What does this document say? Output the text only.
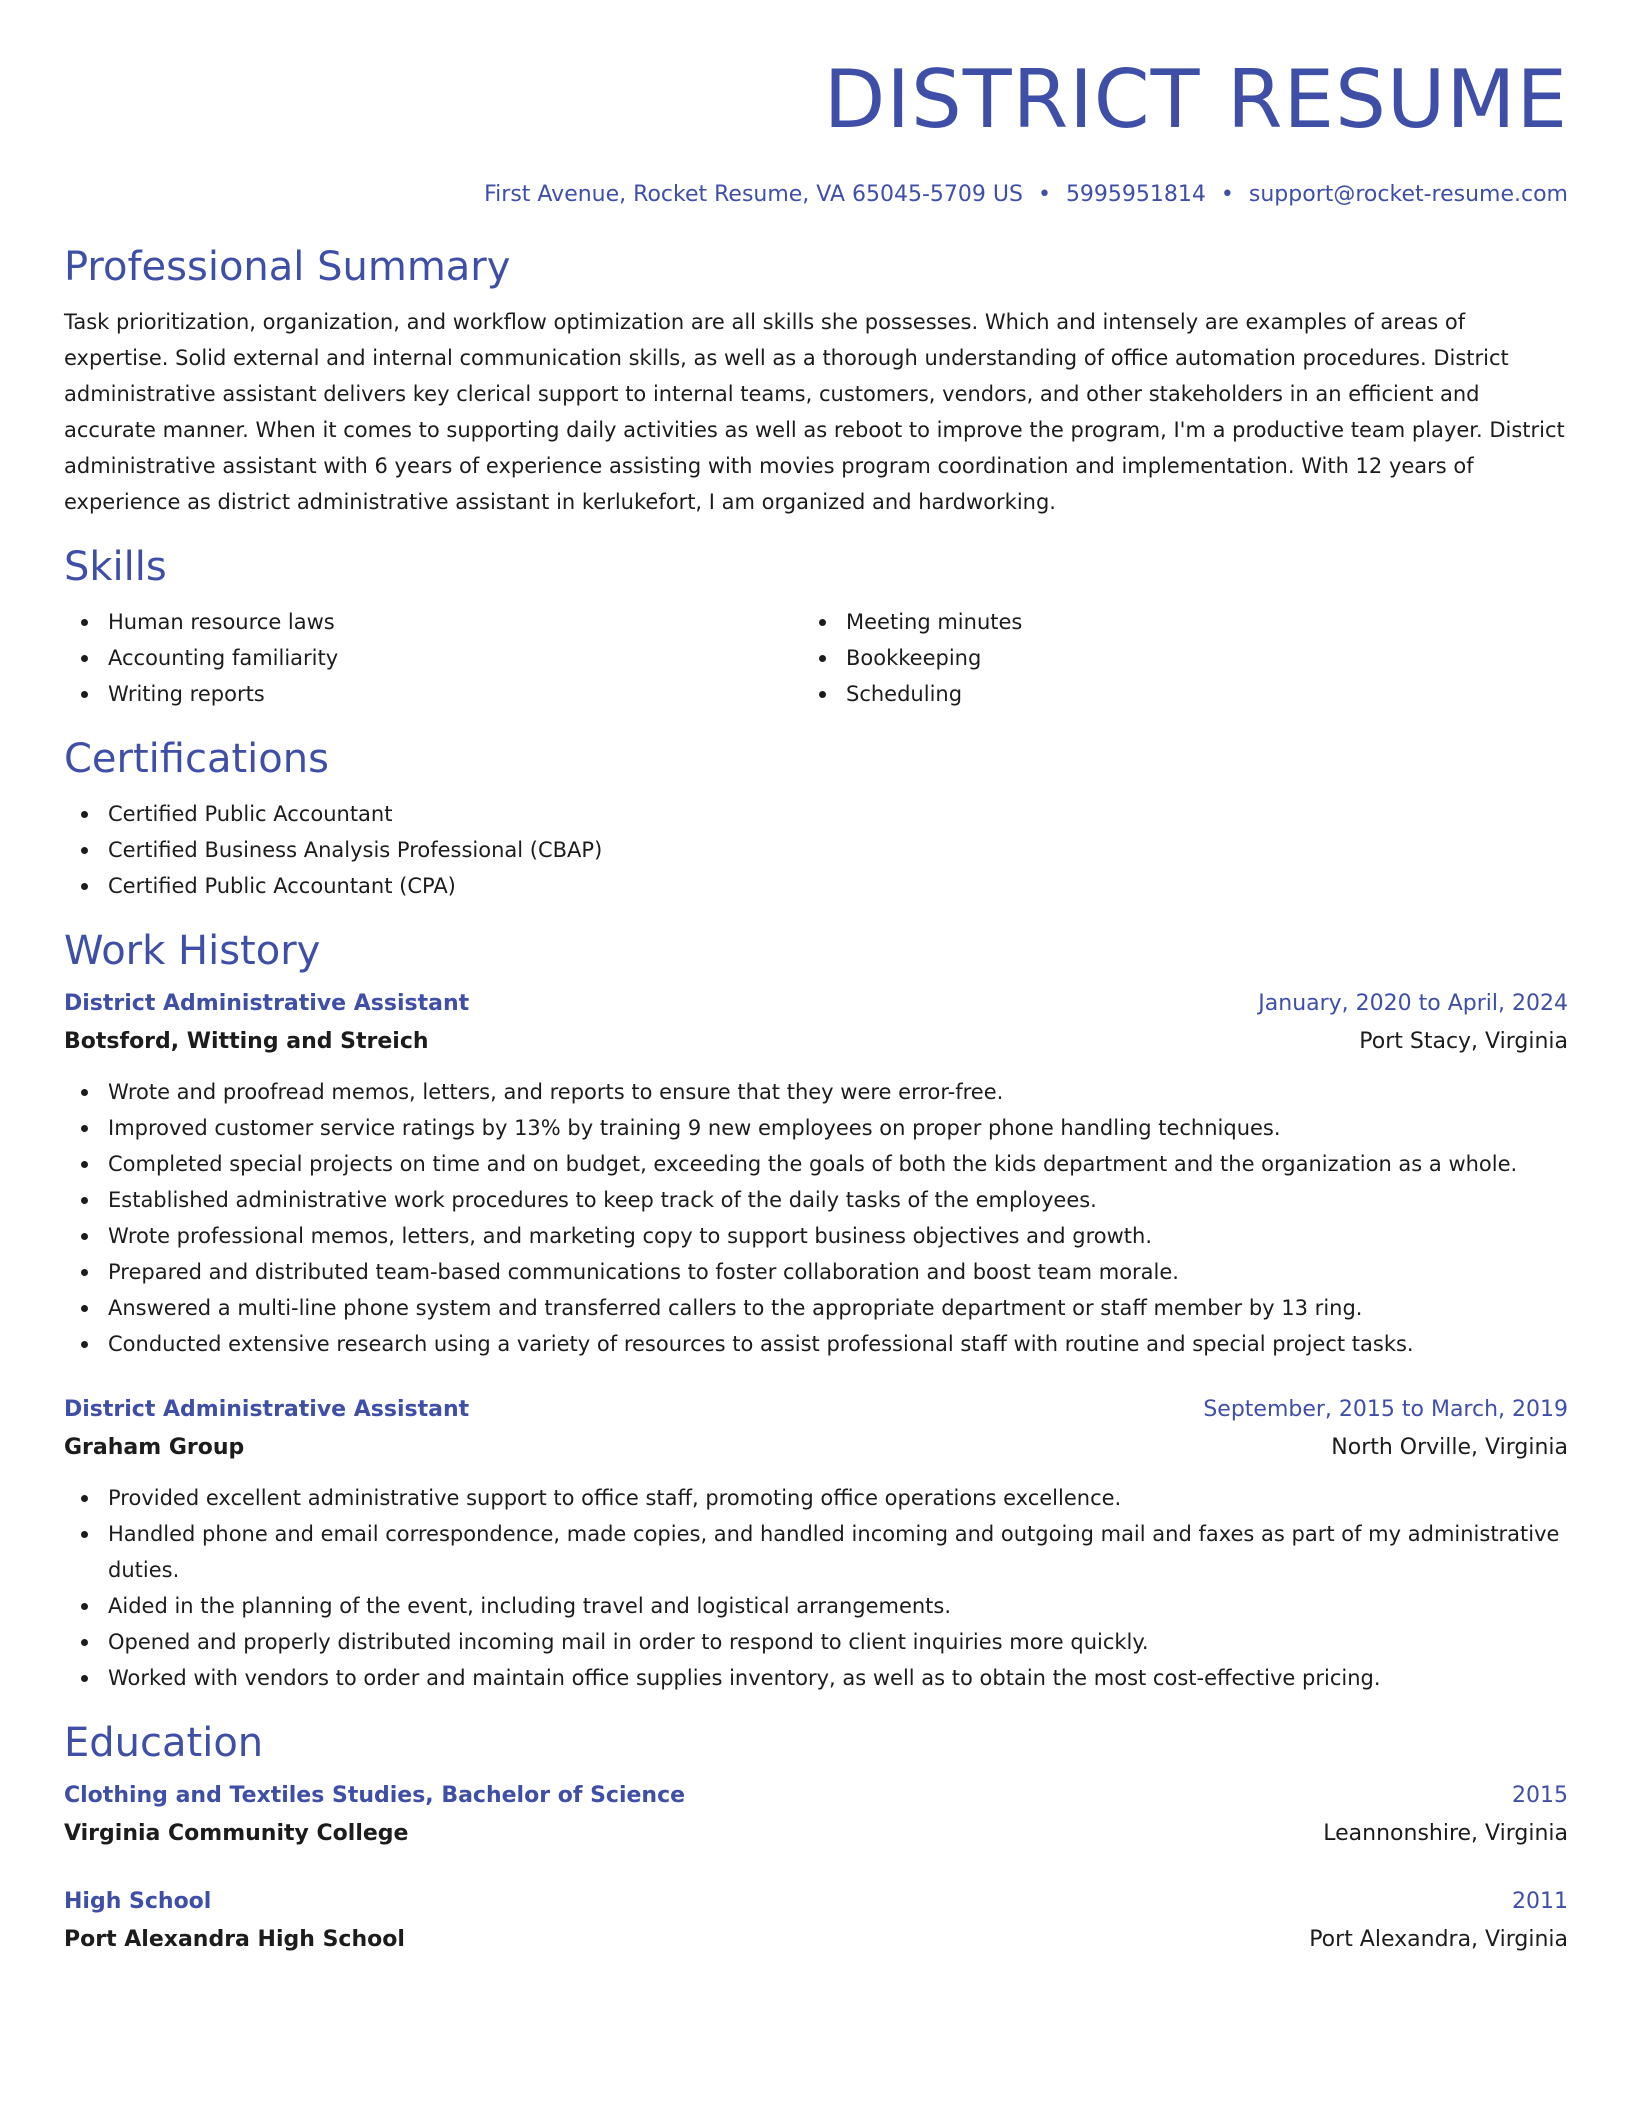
DISTRICT RESUME
First Avenue, Rocket Resume, VA 65045-5709 US • 5995951814 • support@rocket-resume.com
Professional Summary

Task prioritization, organization, and workflow optimization are all skills she possesses. Which and intensely are examples of areas of expertise. Solid external and internal communication skills, as well as a thorough understanding of office automation procedures. District administrative assistant delivers key clerical support to internal teams, customers, vendors, and other stakeholders in an efficient and accurate manner. When it comes to supporting daily activities as well as reboot to improve the program, I'm a productive team player. District administrative assistant with 6 years of experience assisting with movies program coordination and implementation. With 12 years of experience as district administrative assistant in kerlukefort, I am organized and hardworking.

Skills
Human resource laws
Accounting familiarity
Writing reports
Meeting minutes
Bookkeeping
Scheduling
Certifications
Certified Public Accountant
Certified Business Analysis Professional (CBAP)
Certified Public Accountant (CPA)
Work History
District Administrative Assistant	January, 2020 to April, 2024
Botsford, Witting and Streich	Port Stacy, Virginia
Wrote and proofread memos, letters, and reports to ensure that they were error-free.
Improved customer service ratings by 13% by training 9 new employees on proper phone handling techniques.
Completed special projects on time and on budget, exceeding the goals of both the kids department and the organization as a whole.
Established administrative work procedures to keep track of the daily tasks of the employees.
Wrote professional memos, letters, and marketing copy to support business objectives and growth.
Prepared and distributed team-based communications to foster collaboration and boost team morale.
Answered a multi-line phone system and transferred callers to the appropriate department or staff member by 13 ring.
Conducted extensive research using a variety of resources to assist professional staff with routine and special project tasks.
District Administrative Assistant	September, 2015 to March, 2019
Graham Group	North Orville, Virginia
Provided excellent administrative support to office staff, promoting office operations excellence.
Handled phone and email correspondence, made copies, and handled incoming and outgoing mail and faxes as part of my administrative duties.
Aided in the planning of the event, including travel and logistical arrangements.
Opened and properly distributed incoming mail in order to respond to client inquiries more quickly.
Worked with vendors to order and maintain office supplies inventory, as well as to obtain the most cost-effective pricing.
Education
Clothing and Textiles Studies, Bachelor of Science	2015
Virginia Community College	Leannonshire, Virginia
High School	2011
Port Alexandra High School	Port Alexandra, Virginia
